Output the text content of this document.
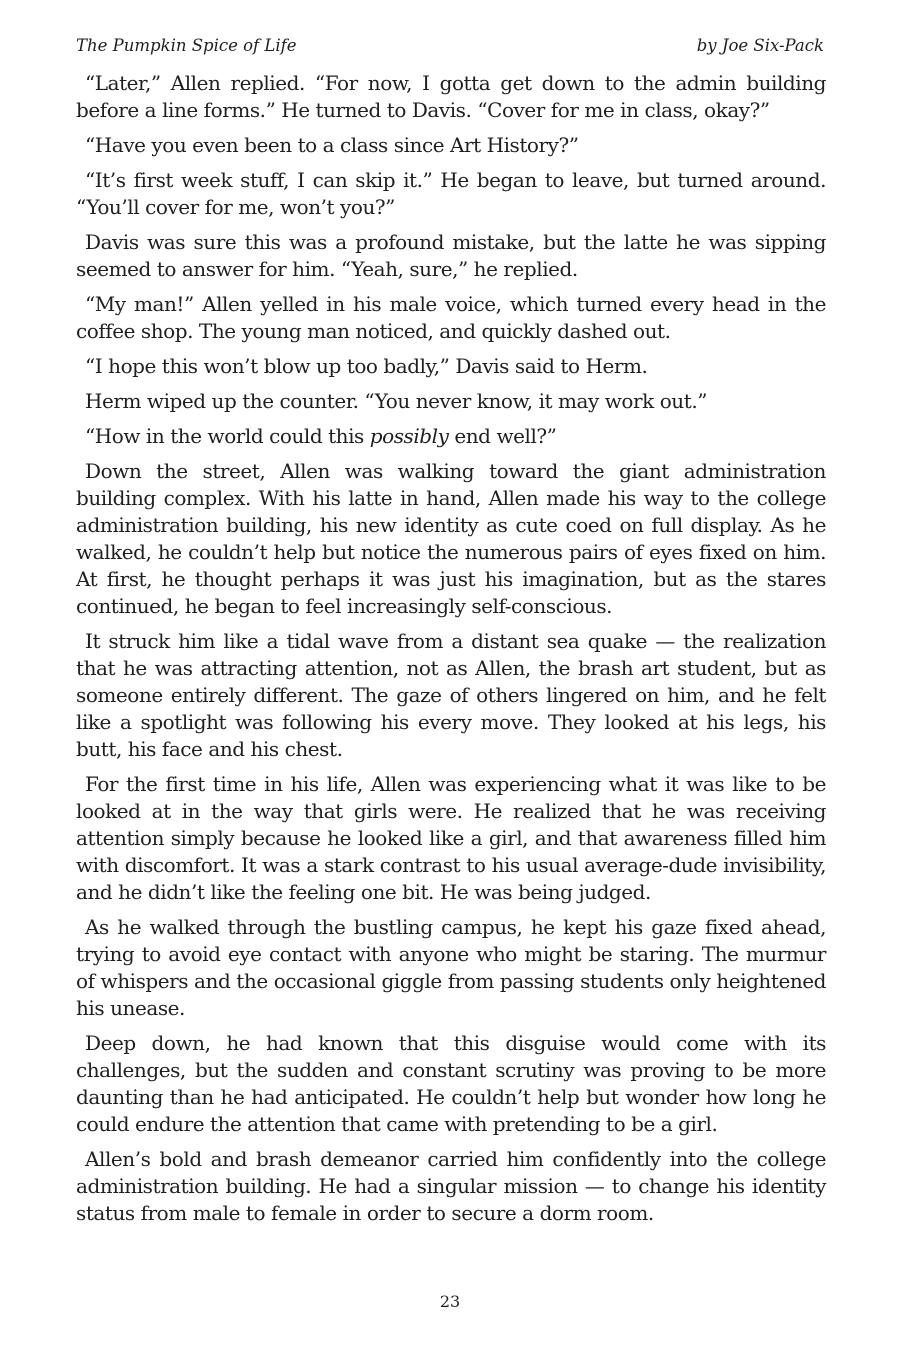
The Pumpkin Spice of Life	by Joe Six-Pack

“Later,” Allen replied. “For now, I gotta get down to the admin building before a line forms.” He turned to Davis. “Cover for me in class, okay?”

“Have you even been to a class since Art History?”

“It’s first week stuff, I can skip it.” He began to leave, but turned around. “You’ll cover for me, won’t you?”

Davis was sure this was a profound mistake, but the latte he was sipping seemed to answer for him. “Yeah, sure,” he replied.

“My man!” Allen yelled in his male voice, which turned every head in the coffee shop. The young man noticed, and quickly dashed out.

“I hope this won’t blow up too badly,” Davis said to Herm.

Herm wiped up the counter. “You never know, it may work out.”

“How in the world could this possibly end well?”

Down the street, Allen was walking toward the giant administration building complex. With his latte in hand, Allen made his way to the college administration building, his new identity as cute coed on full display. As he walked, he couldn’t help but notice the numerous pairs of eyes fixed on him. At first, he thought perhaps it was just his imagination, but as the stares continued, he began to feel increasingly self-conscious.

It struck him like a tidal wave from a distant sea quake — the realization that he was attracting attention, not as Allen, the brash art student, but as someone entirely different. The gaze of others lingered on him, and he felt like a spotlight was following his every move. They looked at his legs, his butt, his face and his chest.

For the first time in his life, Allen was experiencing what it was like to be looked at in the way that girls were. He realized that he was receiving attention simply because he looked like a girl, and that awareness filled him with discomfort. It was a stark contrast to his usual average-dude invisibility, and he didn’t like the feeling one bit. He was being judged.

As he walked through the bustling campus, he kept his gaze fixed ahead, trying to avoid eye contact with anyone who might be staring. The murmur of whispers and the occasional giggle from passing students only heightened his unease.

Deep down, he had known that this disguise would come with its challenges, but the sudden and constant scrutiny was proving to be more daunting than he had anticipated. He couldn’t help but wonder how long he could endure the attention that came with pretending to be a girl.

Allen’s bold and brash demeanor carried him confidently into the college administration building. He had a singular mission — to change his identity status from male to female in order to secure a dorm room.

23
